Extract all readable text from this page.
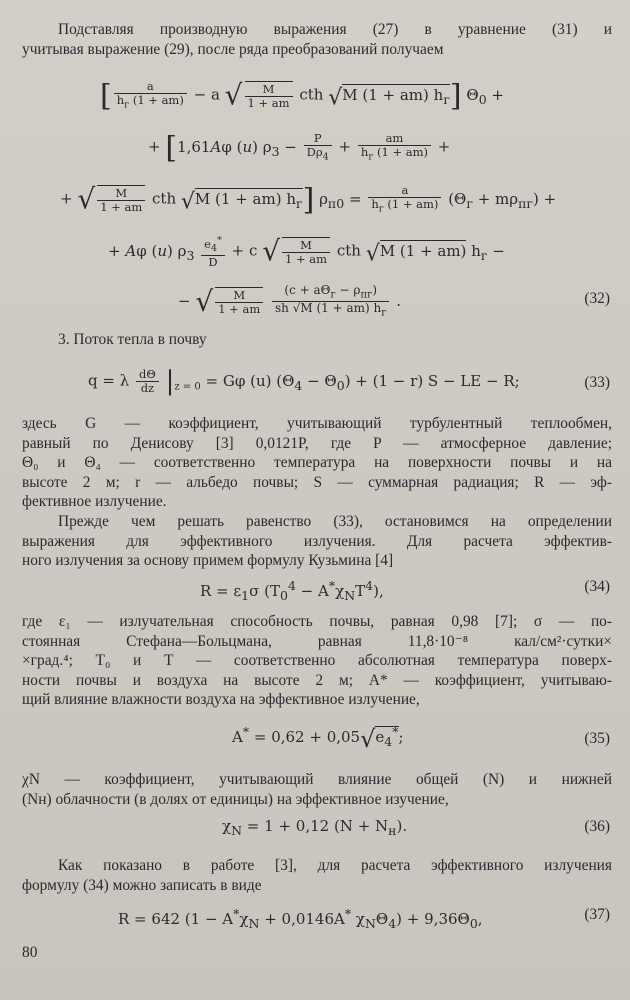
Подставляя производную выражения (27) в уравнение (31) и
учитывая выражение (29), после ряда преобразований получаем
[ $\frac{a}{h_г (1 + am)} - a$ √ $\frac{M}{1 + am}$ cth √M (1 + am) $h_г$] $\Theta_0$ +
+ [1,61Aφ (u) $\rho_3 - \frac{P}{D\rho_4} + \frac{am}{h_г (1 + am)}$ +
+ √ $\frac{M}{1 + am}$ cth √M (1 + am) $h_г$] $\rho_{п0} = \frac{a}{h_г (1 + am)} (\Theta_г + m\rho_{пг})$ +
+ Aφ (u) $\rho_3 \frac{e_4^*}{D} + c$ √ $\frac{M}{1 + am}$ cth √M (1 + am) $h_г$ −
− √ $\frac{M}{1 + am}$
$\frac{(c + a\Theta_г - \rho_{пг})}{sh √M (1 + am) h_г}$ .	(32)
3. Поток тепла в почву
q = λ $\frac{d\Theta}{dz} |_{z = 0} = G\varphi$ (u) $(\Theta_4 - \Theta_0) + (1 - r) S$ − LE − R;	(33)
здесь G — коэффициент, учитывающий турбулентный теплообмен,
равный по Денисову [3] 0,0121P, где P — атмосферное давление;
Θ₀ и Θ₄ — соответственно температура на поверхности почвы и на
высоте 2 м; r — альбедо почвы; S — суммарная радиация; R — эф-
фективное излучение.
Прежде чем решать равенство (33), остановимся на определении
выражения для эффективного излучения. Для расчета эффектив-
ного излучения за основу примем формулу Кузьмина [4]
$R = \varepsilon_1\sigma$ $(T_0^4 - A^*\chi_NT^4)$,	(34)
где ε₁ — излучательная способность почвы, равная 0,98 [7]; σ — по-
стоянная Стефана—Больцмана, равная 11,8·10⁻⁸ кал/см²·сутки×
×град.⁴; T₀ и T — соответственно абсолютная температура поверх-
ности почвы и воздуха на высоте 2 м; A* — коэффициент, учитываю-
щий влияние влажности воздуха на эффективное излучение,
$A^* = 0,62 + 0,05√e_4^*$;	(35)
χN — коэффициент, учитывающий влияние общей (N) и нижней
(Nн) облачности (в долях от единицы) на эффективное изучение,
$\chi_N = 1 + 0,12$ $(N + N_н)$.	(36)
Как показано в работе [3], для расчета эффективного излучения
формулу (34) можно записать в виде
R = 642 ($1 - A^*\chi_N + 0,0146A^*$ $\chi_N\Theta_4) + 9,36\Theta_0$,	(37)
80
